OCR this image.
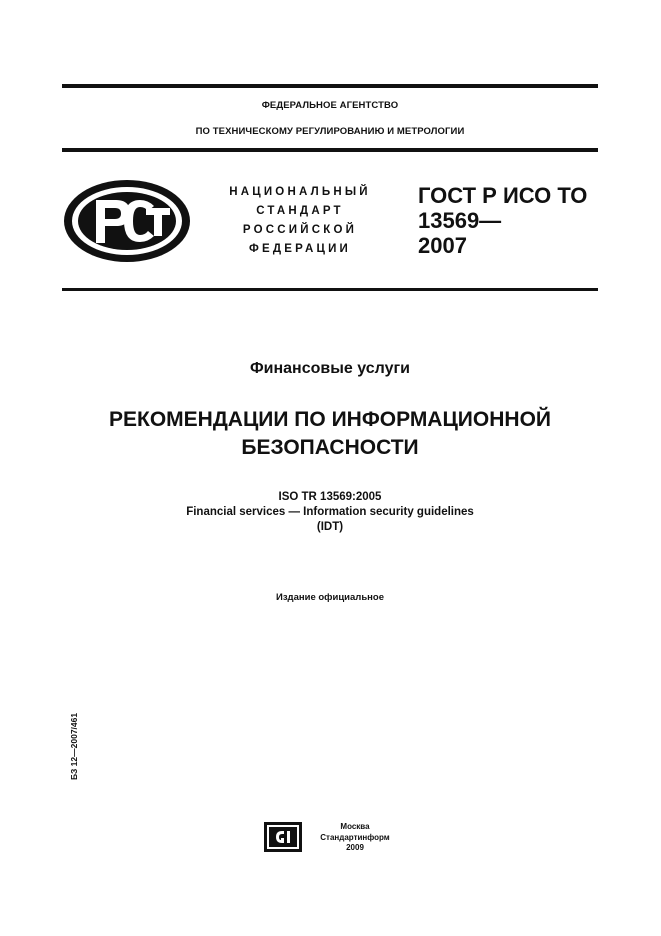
ФЕДЕРАЛЬНОЕ АГЕНТСТВО
ПО ТЕХНИЧЕСКОМУ РЕГУЛИРОВАНИЮ И МЕТРОЛОГИИ
НАЦИОНАЛЬНЫЙ
СТАНДАРТ
РОССИЙСКОЙ
ФЕДЕРАЦИИ
ГОСТ Р ИСО ТО
13569—
2007
Финансовые услуги
РЕКОМЕНДАЦИИ ПО ИНФОРМАЦИОННОЙ
БЕЗОПАСНОСТИ
ISO TR 13569:2005
Financial services — Information security guidelines
(IDT)
Издание официальное
БЗ 12—2007/461
Москва
Стандартинформ
2009
